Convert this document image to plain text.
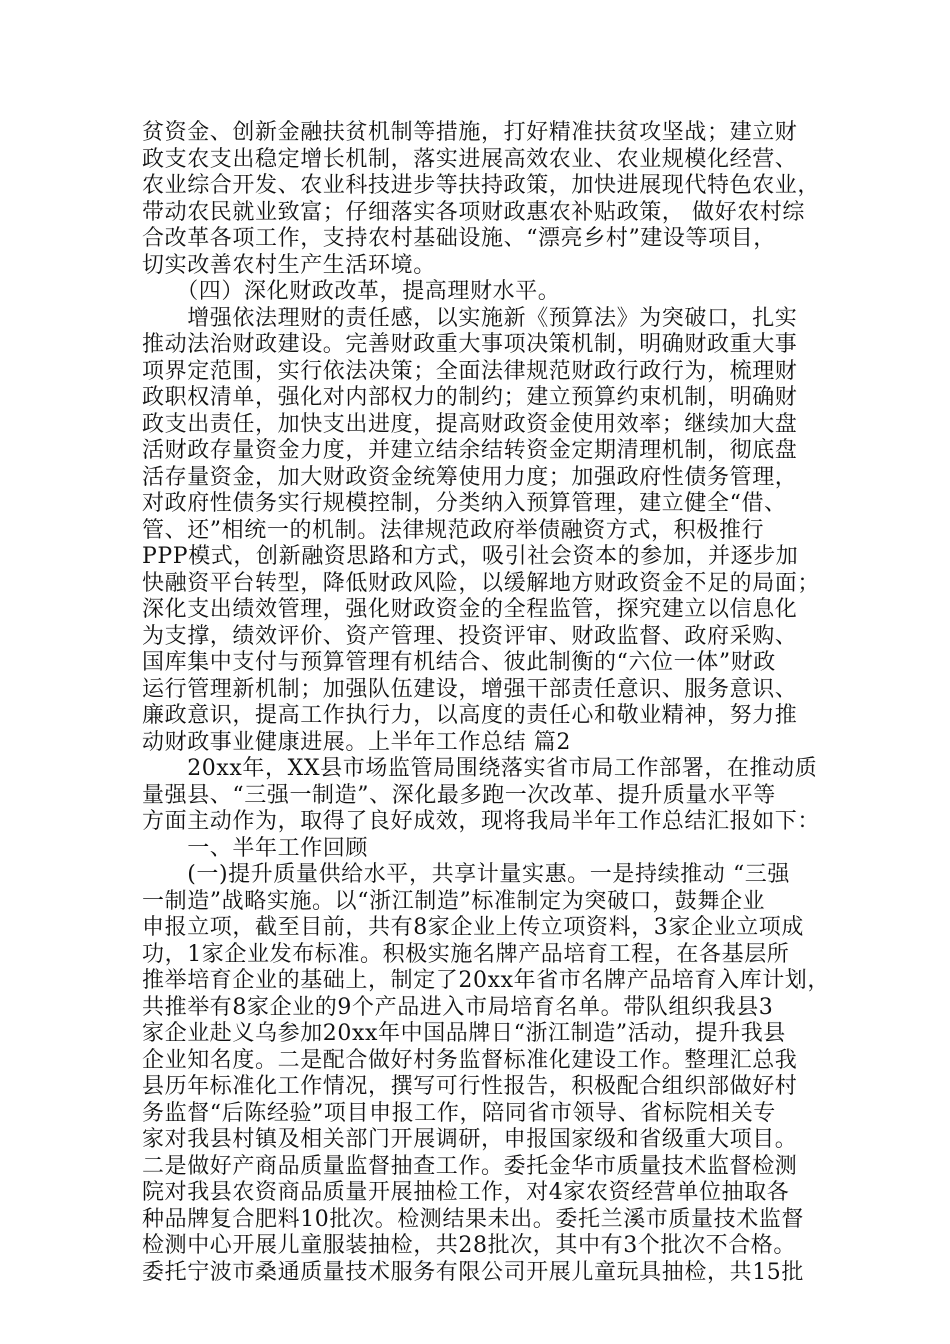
贫资金、创新金融扶贫机制等措施，打好精准扶贫攻坚战；建立财
政支农支出稳定增长机制，落实进展高效农业、农业规模化经营、
农业综合开发、农业科技进步等扶持政策，加快进展现代特色农业，
带动农民就业致富；仔细落实各项财政惠农补贴政策， 做好农村综
合改革各项工作，支持农村基础设施、“漂亮乡村”建设等项目，
切实改善农村生产生活环境。
　　（四）深化财政改革，提高理财水平。
　　增强依法理财的责任感，以实施新《预算法》为突破口，扎实
推动法治财政建设。完善财政重大事项决策机制，明确财政重大事
项界定范围，实行依法决策；全面法律规范财政行政行为，梳理财
政职权清单，强化对内部权力的制约；建立预算约束机制，明确财
政支出责任，加快支出进度，提高财政资金使用效率；继续加大盘
活财政存量资金力度，并建立结余结转资金定期清理机制，彻底盘
活存量资金，加大财政资金统筹使用力度；加强政府性债务管理，
对政府性债务实行规模控制，分类纳入预算管理，建立健全“借、
管、还”相统一的机制。法律规范政府举债融资方式，积极推行
PPP模式，创新融资思路和方式，吸引社会资本的参加，并逐步加
快融资平台转型，降低财政风险，以缓解地方财政资金不足的局面；
深化支出绩效管理，强化财政资金的全程监管，探究建立以信息化
为支撑，绩效评价、资产管理、投资评审、财政监督、政府采购、
国库集中支付与预算管理有机结合、彼此制衡的“六位一体”财政
运行管理新机制；加强队伍建设，增强干部责任意识、服务意识、
廉政意识，提高工作执行力，以高度的责任心和敬业精神，努力推
动财政事业健康进展。上半年工作总结 篇2
　　20xx年，XX县市场监管局围绕落实省市局工作部署，在推动质
量强县、“三强一制造”、深化最多跑一次改革、提升质量水平等
方面主动作为，取得了良好成效，现将我局半年工作总结汇报如下：
　　一、半年工作回顾
　　(一)提升质量供给水平，共享计量实惠。一是持续推动 “三强
一制造”战略实施。以“浙江制造”标准制定为突破口，鼓舞企业
申报立项，截至目前，共有8家企业上传立项资料，3家企业立项成
功，1家企业发布标准。积极实施名牌产品培育工程，在各基层所
推举培育企业的基础上，制定了20xx年省市名牌产品培育入库计划，
共推举有8家企业的9个产品进入市局培育名单。带队组织我县3
家企业赴义乌参加20xx年中国品牌日“浙江制造”活动，提升我县
企业知名度。二是配合做好村务监督标准化建设工作。整理汇总我
县历年标准化工作情况，撰写可行性报告，积极配合组织部做好村
务监督“后陈经验”项目申报工作，陪同省市领导、省标院相关专
家对我县村镇及相关部门开展调研，申报国家级和省级重大项目。
二是做好产商品质量监督抽查工作。委托金华市质量技术监督检测
院对我县农资商品质量开展抽检工作，对4家农资经营单位抽取各
种品牌复合肥料10批次。检测结果未出。委托兰溪市质量技术监督
检测中心开展儿童服装抽检，共28批次，其中有3个批次不合格。
委托宁波市桑通质量技术服务有限公司开展儿童玩具抽检，共15批
